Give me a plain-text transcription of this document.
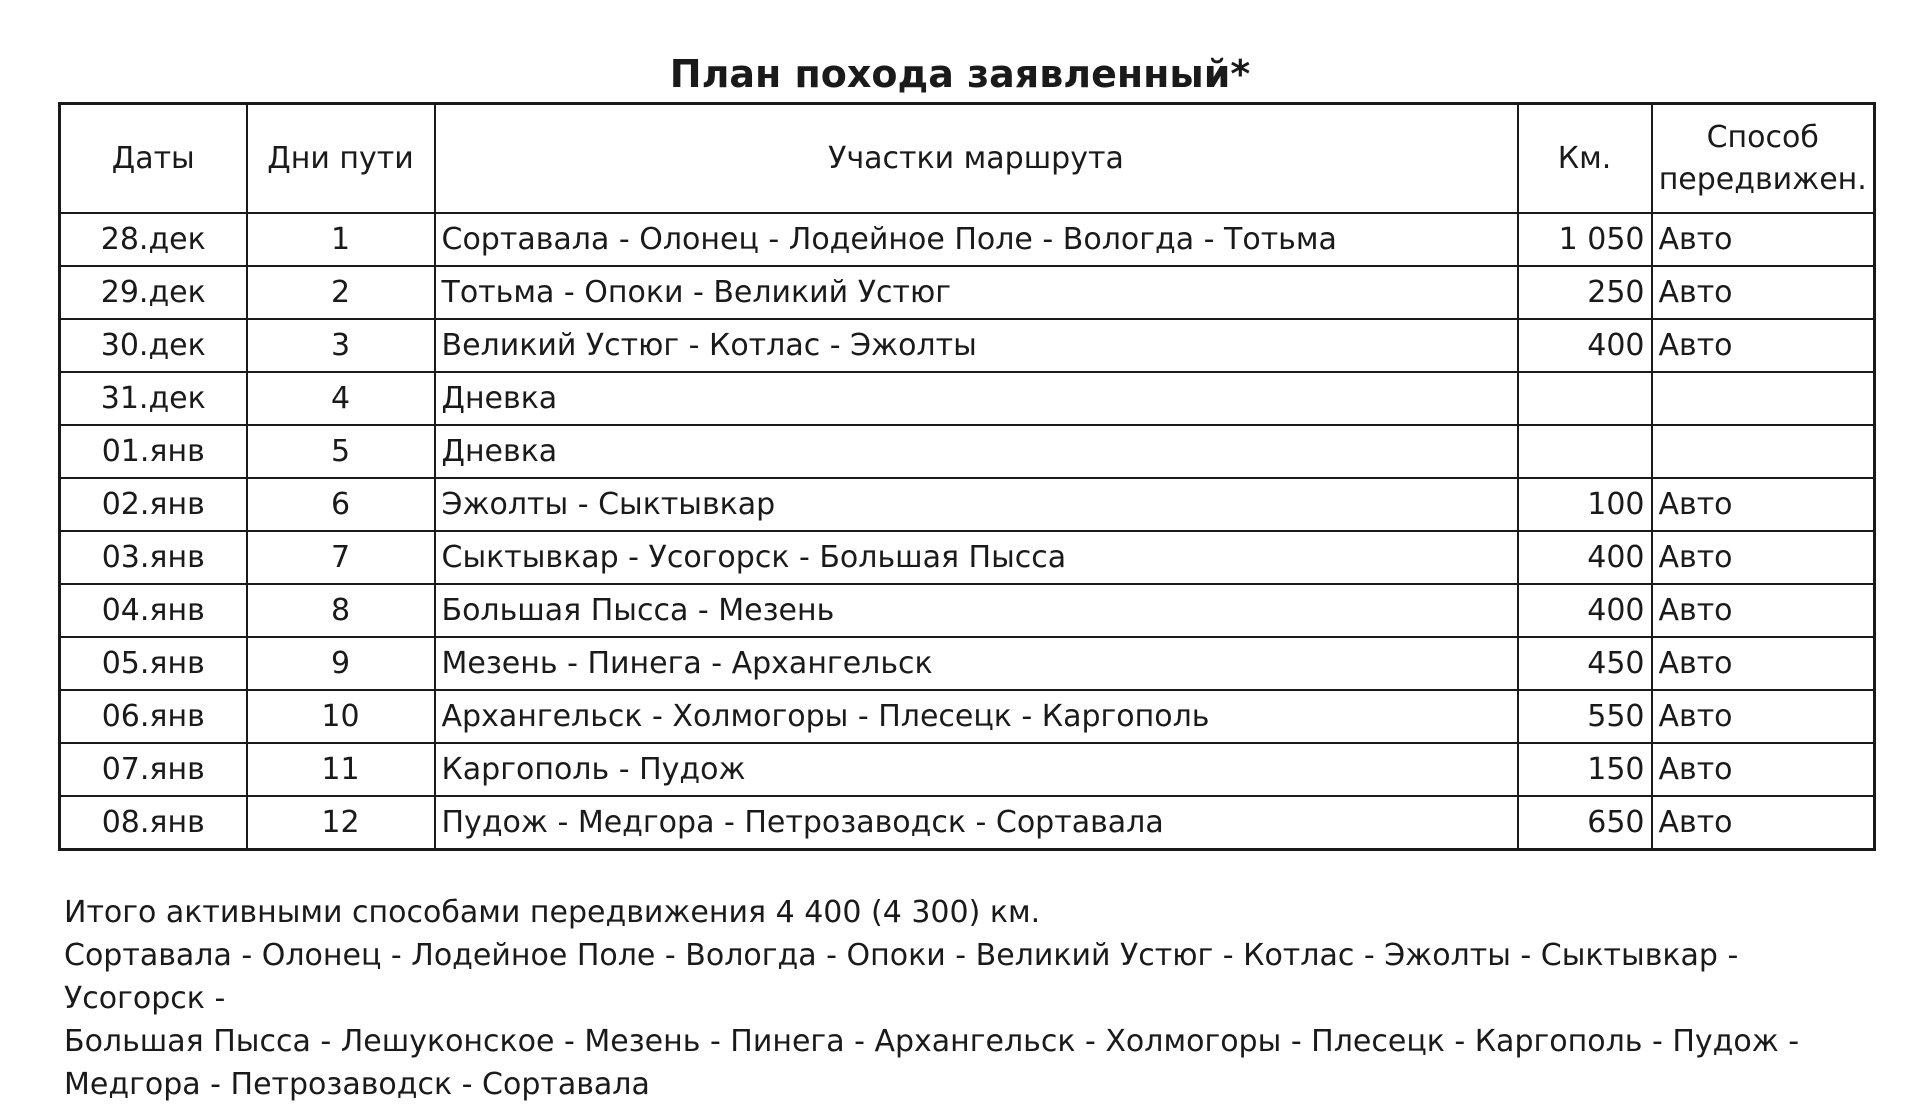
План похода заявленный*
Даты	Дни пути	Участки маршрута	Км.	Способ
передвижен.
28.дек	1	Сортавала - Олонец - Лодейное Поле - Вологда - Тотьма	1 050	Авто
29.дек	2	Тотьма - Опоки - Великий Устюг	250	Авто
30.дек	3	Великий Устюг - Котлас - Эжолты	400	Авто
31.дек	4	Дневка		
01.янв	5	Дневка		
02.янв	6	Эжолты - Сыктывкар	100	Авто
03.янв	7	Сыктывкар - Усогорск - Большая Пысса	400	Авто
04.янв	8	Большая Пысса - Мезень	400	Авто
05.янв	9	Мезень - Пинега - Архангельск	450	Авто
06.янв	10	Архангельск - Холмогоры - Плесецк - Каргополь	550	Авто
07.янв	11	Каргополь - Пудож	150	Авто
08.янв	12	Пудож - Медгора - Петрозаводск - Сортавала	650	Авто

Итого активными способами передвижения 4 400 (4 300) км.

Сортавала - Олонец - Лодейное Поле - Вологда - Опоки - Великий Устюг - Котлас - Эжолты - Сыктывкар - Усогорск -

Большая Пысса - Лешуконское - Мезень - Пинега - Архангельск - Холмогоры - Плесецк - Каргополь - Пудож -

Медгора - Петрозаводск - Сортавала
